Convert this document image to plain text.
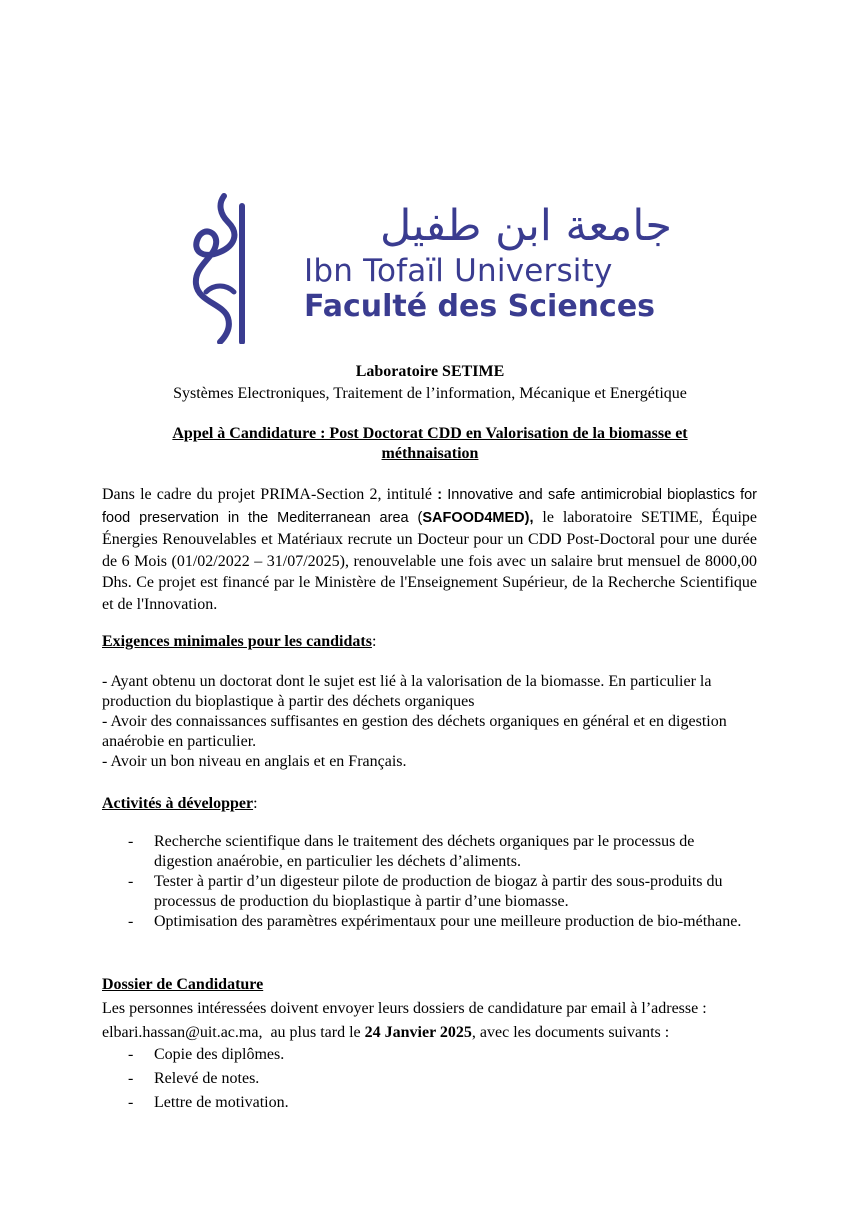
جامعة ابن طفيل
Ibn Tofaïl University
Faculté des Sciences
Laboratoire SETIME
Systèmes Electroniques, Traitement de l’information, Mécanique et Energétique
Appel à Candidature : Post Doctorat CDD en Valorisation de la biomasse et
méthnaisation
Dans le cadre du projet PRIMA-Section 2, intitulé : Innovative and safe antimicrobial bioplastics for food preservation in the Mediterranean area (SAFOOD4MED), le laboratoire SETIME, Équipe Énergies Renouvelables et Matériaux recrute un Docteur pour un CDD Post-Doctoral pour une durée de 6 Mois (01/02/2022 – 31/07/2025), renouvelable une fois avec un salaire brut mensuel de 8000,00 Dhs. Ce projet est financé par le Ministère de l'Enseignement Supérieur, de la Recherche Scientifique et de l'Innovation.
Exigences minimales pour les candidats:

- Ayant obtenu un doctorat dont le sujet est lié à la valorisation de la biomasse. En particulier la production du bioplastique à partir des déchets organiques

- Avoir des connaissances suffisantes en gestion des déchets organiques en général et en digestion anaérobie en particulier.

- Avoir un bon niveau en anglais et en Français.

Activités à développer:
- Recherche scientifique dans le traitement des déchets organiques par le processus de digestion anaérobie, en particulier les déchets d’aliments.
- Tester à partir d’un digesteur pilote de production de biogaz à partir des sous-produits du processus de production du bioplastique à partir d’une biomasse.
- Optimisation des paramètres expérimentaux pour une meilleure production de bio-méthane.
Dossier de Candidature
Les personnes intéressées doivent envoyer leurs dossiers de candidature par email à l’adresse :
elbari.hassan@uit.ac.ma,  au plus tard le 24 Janvier 2025, avec les documents suivants :
- Copie des diplômes.
- Relevé de notes.
- Lettre de motivation.
